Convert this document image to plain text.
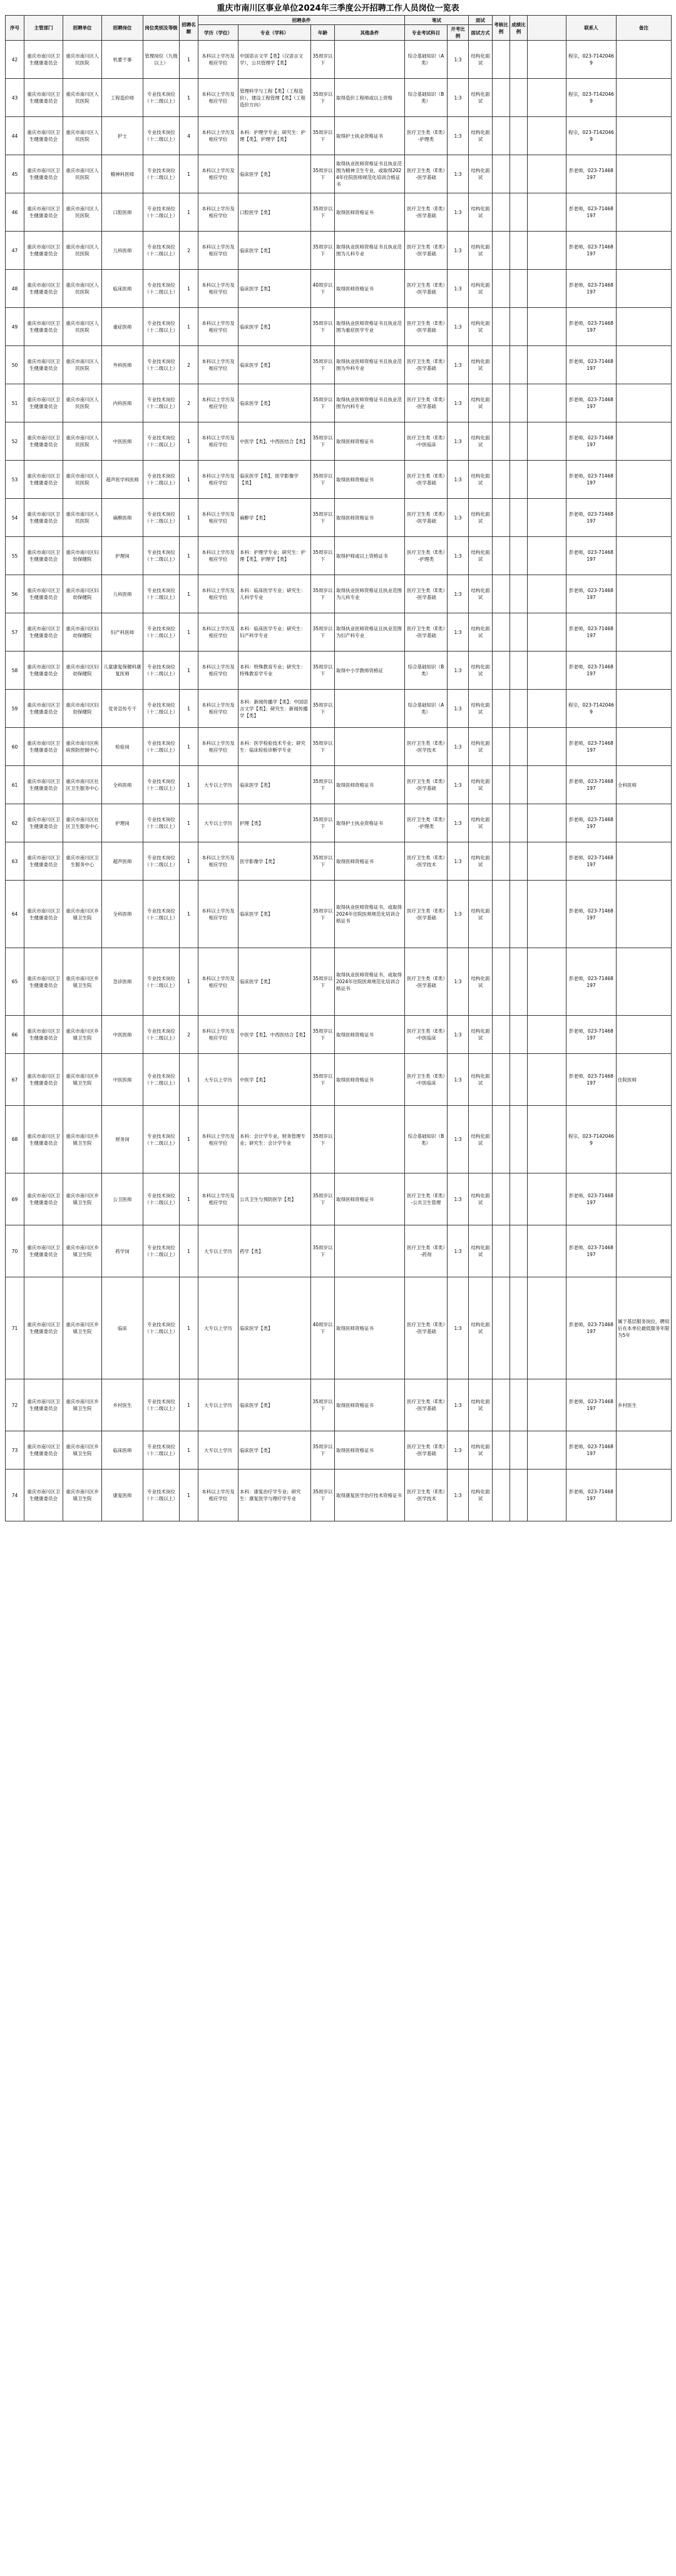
重庆市南川区事业单位2024年三季度公开招聘工作人员岗位一览表
序号	主管部门	招聘单位	招聘岗位	岗位类别及等级	招聘名额	招聘条件				笔试		面试	考核比例	成绩比例		联系人	备注
						学历（学位）	专业（学科）	年龄	其他条件	专业考试科目	开考比例	面试方式					
42	重庆市南川区卫生健康委员会	重庆市南川区人民医院	机要干事	管理岗位（九级以上）	1	本科以上学历及相应学位	中国语言文学【类】（汉语言文学），公共管理学【类】	35周岁以下		综合基础知识（A类）	1:3	结构化面试				程宗，023-71420469	
43	重庆市南川区卫生健康委员会	重庆市南川区人民医院	工程造价师	专业技术岗位（十二级以上）	1	本科以上学历及相应学位	管理科学与工程【类】（工程造价），建设工程管理【类】（工程造价方向）	35周岁以下	取得造价工程师或以上资格	综合基础知识（B类）	1:3	结构化面试				程宗，023-71420469	
44	重庆市南川区卫生健康委员会	重庆市南川区人民医院	护士	专业技术岗位（十二级以上）	4	本科以上学历及相应学位	本科：护理学专业；研究生：护理【类】，护理学【类】	35周岁以下	取得护士执业资格证书	医疗卫生类（E类）-护理类	1:3	结构化面试				程宗，023-71420469	
45	重庆市南川区卫生健康委员会	重庆市南川区人民医院	精神科医师	专业技术岗位（十二级以上）	1	本科以上学历及相应学位	临床医学【类】	35周岁以下	取得执业医师资格证书且执业范围为精神卫生专业，或取得2024年住院医师规范化培训合格证书	医疗卫生类（E类）-医学基础	1:3	结构化面试				彭老师，023-71468197	
46	重庆市南川区卫生健康委员会	重庆市南川区人民医院	口腔医师	专业技术岗位（十二级以上）	1	本科以上学历及相应学位	口腔医学【类】	35周岁以下	取得医师资格证书	医疗卫生类（E类）-医学基础	1:3	结构化面试				彭老师，023-71468197	
47	重庆市南川区卫生健康委员会	重庆市南川区人民医院	儿科医师	专业技术岗位（十二级以上）	2	本科以上学历及相应学位	临床医学【类】	35周岁以下	取得执业医师资格证书且执业范围为儿科专业	医疗卫生类（E类）-医学基础	1:3	结构化面试				彭老师，023-71468197	
48	重庆市南川区卫生健康委员会	重庆市南川区人民医院	临床医师	专业技术岗位（十二级以上）	1	本科以上学历及相应学位	临床医学【类】	40周岁以下	取得医师资格证书	医疗卫生类（E类）-医学基础	1:3	结构化面试				彭老师，023-71468197	
49	重庆市南川区卫生健康委员会	重庆市南川区人民医院	重症医师	专业技术岗位（十二级以上）	1	本科以上学历及相应学位	临床医学【类】	35周岁以下	取得执业医师资格证书且执业范围为重症医学专业	医疗卫生类（E类）-医学基础	1:3	结构化面试				彭老师，023-71468197	
50	重庆市南川区卫生健康委员会	重庆市南川区人民医院	外科医师	专业技术岗位（十二级以上）	2	本科以上学历及相应学位	临床医学【类】	35周岁以下	取得执业医师资格证书且执业范围为外科专业	医疗卫生类（E类）-医学基础	1:3	结构化面试				彭老师，023-71468197	
51	重庆市南川区卫生健康委员会	重庆市南川区人民医院	内科医师	专业技术岗位（十二级以上）	2	本科以上学历及相应学位	临床医学【类】	35周岁以下	取得执业医师资格证书且执业范围为内科专业	医疗卫生类（E类）-医学基础	1:3	结构化面试				彭老师，023-71468197	
52	重庆市南川区卫生健康委员会	重庆市南川区人民医院	中医医师	专业技术岗位（十二级以上）	1	本科以上学历及相应学位	中医学【类】，中西医结合【类】	35周岁以下	取得医师资格证书	医疗卫生类（E类）-中医临床	1:3	结构化面试				彭老师，023-71468197	
53	重庆市南川区卫生健康委员会	重庆市南川区人民医院	超声医学科医师	专业技术岗位（十二级以上）	1	本科以上学历及相应学位	临床医学【类】，医学影像学【类】	35周岁以下	取得医师资格证书	医疗卫生类（E类）-医学基础	1:3	结构化面试				彭老师，023-71468197	
54	重庆市南川区卫生健康委员会	重庆市南川区人民医院	麻醉医师	专业技术岗位（十二级以上）	1	本科以上学历及相应学位	麻醉学【类】	35周岁以下	取得医师资格证书	医疗卫生类（E类）-医学基础	1:3	结构化面试				彭老师，023-71468197	
55	重庆市南川区卫生健康委员会	重庆市南川区妇幼保健院	护理岗	专业技术岗位（十二级以上）	1	本科以上学历及相应学位	本科：护理学专业；研究生：护理【类】，护理学【类】	35周岁以下	取得护师或以上资格证书	医疗卫生类（E类）-护理类	1:3	结构化面试				彭老师，023-71468197	
56	重庆市南川区卫生健康委员会	重庆市南川区妇幼保健院	儿科医师	专业技术岗位（十二级以上）	1	本科以上学历及相应学位	本科：临床医学专业；研究生：儿科学专业	35周岁以下	取得执业医师资格证且执业范围为儿科专业	医疗卫生类（E类）-医学基础	1:3	结构化面试				彭老师，023-71468197	
57	重庆市南川区卫生健康委员会	重庆市南川区妇幼保健院	妇产科医师	专业技术岗位（十二级以上）	1	本科以上学历及相应学位	本科：临床医学专业；研究生：妇产科学专业	35周岁以下	取得执业医师资格证且执业范围为妇产科专业	医疗卫生类（E类）-医学基础	1:3	结构化面试				彭老师，023-71468197	
58	重庆市南川区卫生健康委员会	重庆市南川区妇幼保健院	儿童康复保健科康复医师	专业技术岗位（十二级以上）	1	本科以上学历及相应学位	本科：特殊教育专业；研究生：特殊教育学专业	35周岁以下	取得中小学教师资格证	综合基础知识（B类）	1:3	结构化面试				彭老师，023-71468197	
59	重庆市南川区卫生健康委员会	重庆市南川区妇幼保健院	党务宣传专干	专业技术岗位（十二级以上）	1	本科以上学历及相应学位	本科：新闻传播学【类】；中国语言文学【类】；研究生：新闻传播学【类】	35周岁以下		综合基础知识（A类）	1:3	结构化面试				程宗，023-71420469	
60	重庆市南川区卫生健康委员会	重庆市南川区疾病预防控制中心	检验岗	专业技术岗位（十二级以上）	1	本科以上学历及相应学位	本科：医学检验技术专业；研究生：临床检验诊断学专业	35周岁以下		医疗卫生类（E类）-医学技术	1:3	结构化面试				彭老师，023-71468197	
61	重庆市南川区卫生健康委员会	重庆市南川区社区卫生服务中心	全科医师	专业技术岗位（十二级以上）	1	大专以上学历	临床医学【类】	35周岁以下	取得医师资格证书	医疗卫生类（E类）-医学基础	1:3	结构化面试				彭老师，023-71468197	全科医师
62	重庆市南川区卫生健康委员会	重庆市南川区社区卫生服务中心	护理岗	专业技术岗位（十二级以上）	1	大专以上学历	护理【类】	35周岁以下	取得护士执业资格证书	医疗卫生类（E类）-护理类	1:3	结构化面试				彭老师，023-71468197	
63	重庆市南川区卫生健康委员会	重庆市南川区卫生服务中心	超声医师	专业技术岗位（十二级以上）	1	本科以上学历及相应学位	医学影像学【类】	35周岁以下	取得医师资格证书	医疗卫生类（E类）-医学技术	1:3	结构化面试				彭老师，023-71468197	
64	重庆市南川区卫生健康委员会	重庆市南川区乡镇卫生院	全科医师	专业技术岗位（十二级以上）	1	本科以上学历及相应学位	临床医学【类】	35周岁以下	取得执业医师资格证书，或取得2024年住院医师规范化培训合格证书	医疗卫生类（E类）-医学基础	1:3	结构化面试				彭老师，023-71468197	
65	重庆市南川区卫生健康委员会	重庆市南川区乡镇卫生院	急诊医师	专业技术岗位（十二级以上）	1	本科以上学历及相应学位	临床医学【类】	35周岁以下	取得执业医师资格证书，或取得2024年住院医师规范化培训合格证书	医疗卫生类（E类）-医学基础	1:3	结构化面试				彭老师，023-71468197	
66	重庆市南川区卫生健康委员会	重庆市南川区乡镇卫生院	中医医师	专业技术岗位（十二级以上）	2	本科以上学历及相应学位	中医学【类】，中西医结合【类】	35周岁以下	取得医师资格证书	医疗卫生类（E类）-中医临床	1:3	结构化面试				彭老师，023-71468197	
67	重庆市南川区卫生健康委员会	重庆市南川区乡镇卫生院	中医医师	专业技术岗位（十二级以上）	1	大专以上学历	中医学【类】	35周岁以下	取得医师资格证书	医疗卫生类（E类）-中医临床	1:3	结构化面试				彭老师，023-71468197	住院医师
68	重庆市南川区卫生健康委员会	重庆市南川区乡镇卫生院	财务岗	专业技术岗位（十二级以上）	1	本科以上学历及相应学位	本科：会计学专业，财务管理专业；研究生：会计学专业	35周岁以下		综合基础知识（B类）	1:3	结构化面试				程宗，023-71420469	
69	重庆市南川区卫生健康委员会	重庆市南川区乡镇卫生院	公卫医师	专业技术岗位（十二级以上）	1	本科以上学历及相应学位	公共卫生与预防医学【类】	35周岁以下	取得医师资格证书	医疗卫生类（E类）-公共卫生管理	1:3	结构化面试				彭老师，023-71468197	
70	重庆市南川区卫生健康委员会	重庆市南川区乡镇卫生院	药学岗	专业技术岗位（十二级以上）	1	大专以上学历	药学【类】	35周岁以下		医疗卫生类（E类）-药剂	1:3	结构化面试				彭老师，023-71468197	
71	重庆市南川区卫生健康委员会	重庆市南川区乡镇卫生院	临床	专业技术岗位（十二级以上）	1	大专以上学历	临床医学【类】	40周岁以下	取得医师资格证书	医疗卫生类（E类）-医学基础	1:3	结构化面试				彭老师，023-71468197	属于基层服务岗位，聘用后在本单位最低服务年限为5年
72	重庆市南川区卫生健康委员会	重庆市南川区乡镇卫生院	乡村医生	专业技术岗位（十二级以上）	1	大专以上学历	临床医学【类】	35周岁以下	取得医师资格证书	医疗卫生类（E类）-医学基础	1:3	结构化面试				彭老师，023-71468197	乡村医生
73	重庆市南川区卫生健康委员会	重庆市南川区乡镇卫生院	临床医师	专业技术岗位（十二级以上）	1	大专以上学历	临床医学【类】	35周岁以下	取得医师资格证书	医疗卫生类（E类）-医学基础	1:3	结构化面试				彭老师，023-71468197	
74	重庆市南川区卫生健康委员会	重庆市南川区乡镇卫生院	康复医师	专业技术岗位（十二级以上）	1	本科以上学历及相应学位	本科：康复治疗学专业；研究生：康复医学与理疗学专业	35周岁以下	取得康复医学治疗技术资格证书	医疗卫生类（E类）-医学技术	1:3	结构化面试				彭老师，023-71468197	
